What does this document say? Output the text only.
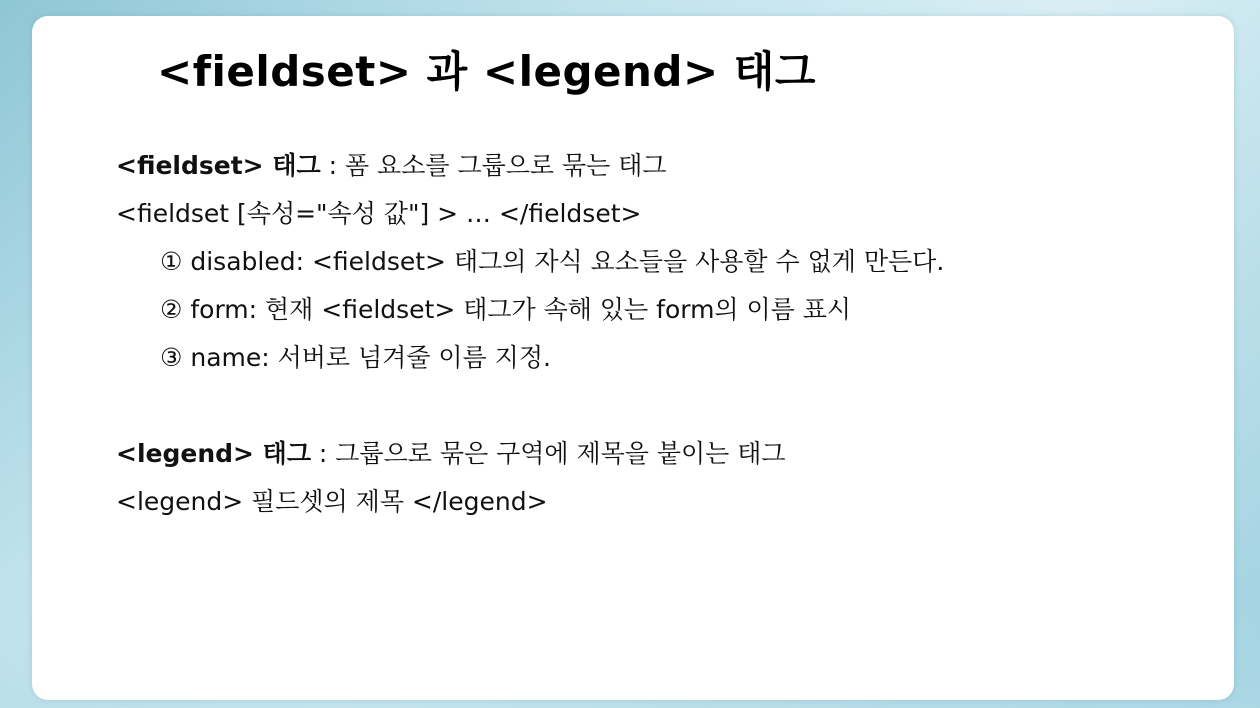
<fieldset> 과 <legend> 태그
<fieldset> 태그 : 폼 요소를 그룹으로 묶는 태그
<fieldset [속성="속성 값"] > … </fieldset>
① disabled: <fieldset> 태그의 자식 요소들을 사용할 수 없게 만든다.
② form: 현재 <fieldset> 태그가 속해 있는 form의 이름 표시
③ name: 서버로 넘겨줄 이름 지정.
<legend> 태그 : 그룹으로 묶은 구역에 제목을 붙이는 태그
<legend> 필드셋의 제목 </legend>
